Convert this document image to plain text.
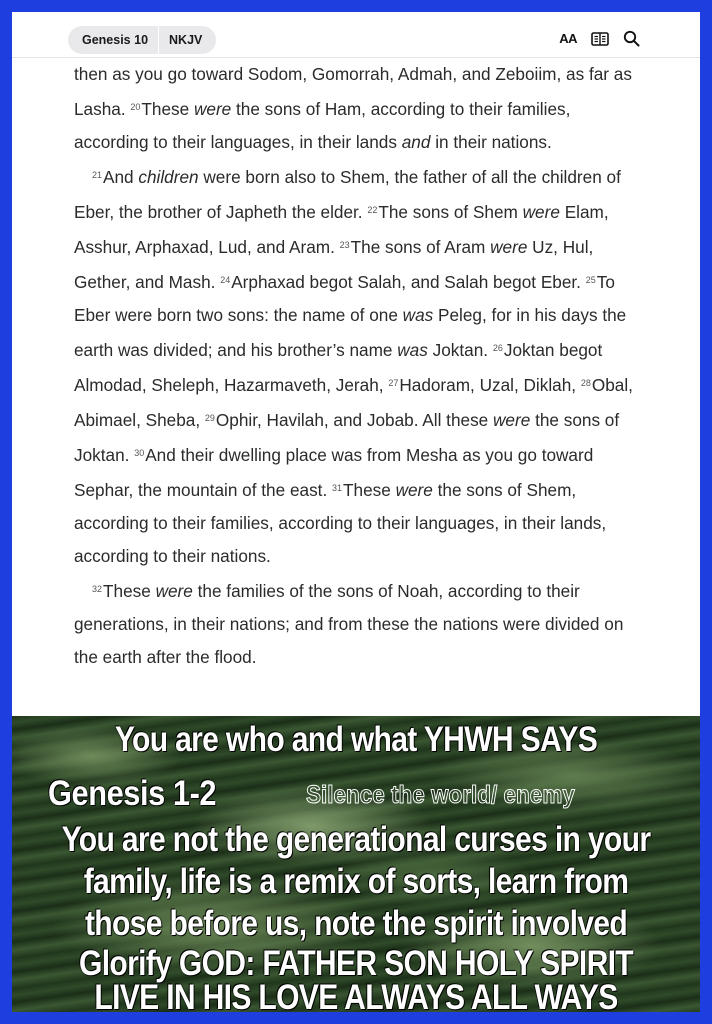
Genesis 10	NKJV	AA

then as you go toward Sodom, Gomorrah, Admah, and Zeboiim, as far as Lasha. $^{20}$These were the sons of Ham, according to their families, according to their languages, in their lands and in their nations.

$^{21}$And children were born also to Shem, the father of all the children of Eber, the brother of Japheth the elder. $^{22}$The sons of Shem were Elam, Asshur, Arphaxad, Lud, and Aram. $^{23}$The sons of Aram were Uz, Hul, Gether, and Mash. $^{24}$Arphaxad begot Salah, and Salah begot Eber. $^{25}$To Eber were born two sons: the name of one was Peleg, for in his days the earth was divided; and his brother’s name was Joktan. $^{26}$Joktan begot Almodad, Sheleph, Hazarmaveth, Jerah, $^{27}$Hadoram, Uzal, Diklah, $^{28}$Obal, Abimael, Sheba, $^{29}$Ophir, Havilah, and Jobab. All these were the sons of Joktan. $^{30}$And their dwelling place was from Mesha as you go toward Sephar, the mountain of the east. $^{31}$These were the sons of Shem, according to their families, according to their languages, in their lands, according to their nations.

$^{32}$These were the families of the sons of Noah, according to their generations, in their nations; and from these the nations were divided on the earth after the flood.

You are who and what YHWH SAYS
Genesis 1-2	Silence the world/ enemy
You are not the generational curses in your
family, life is a remix of sorts, learn from
those before us, note the spirit involved
Glorify GOD: FATHER SON HOLY SPIRIT
LIVE IN HIS LOVE ALWAYS ALL WAYS
